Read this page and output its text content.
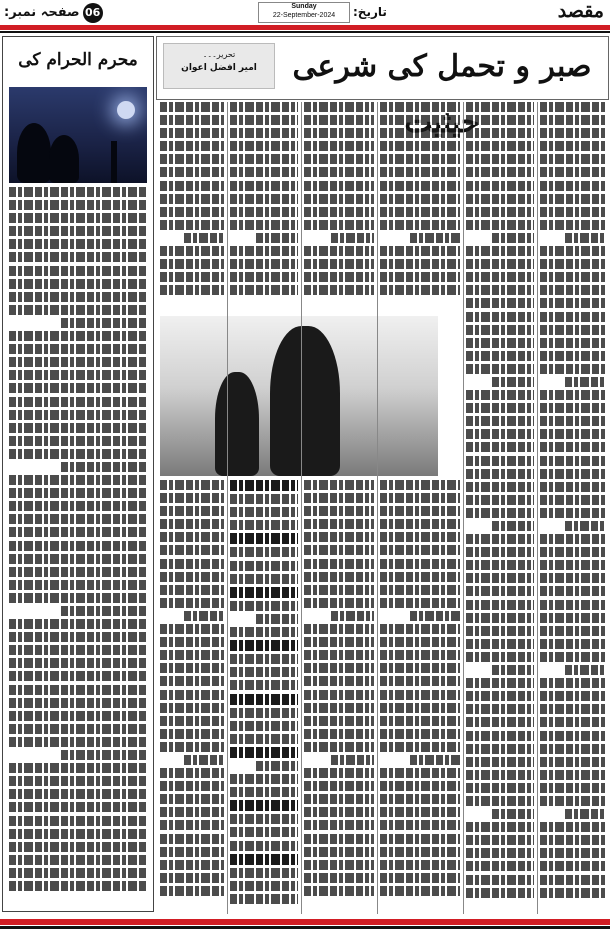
06صفحہ نمبر:	Sunday
22-September-2024	تاریخ:	مقصد
محرم الحرام کی	تحریر۔۔۔
امیر افضل اعوان	صبر و تحمل کی شرعی
